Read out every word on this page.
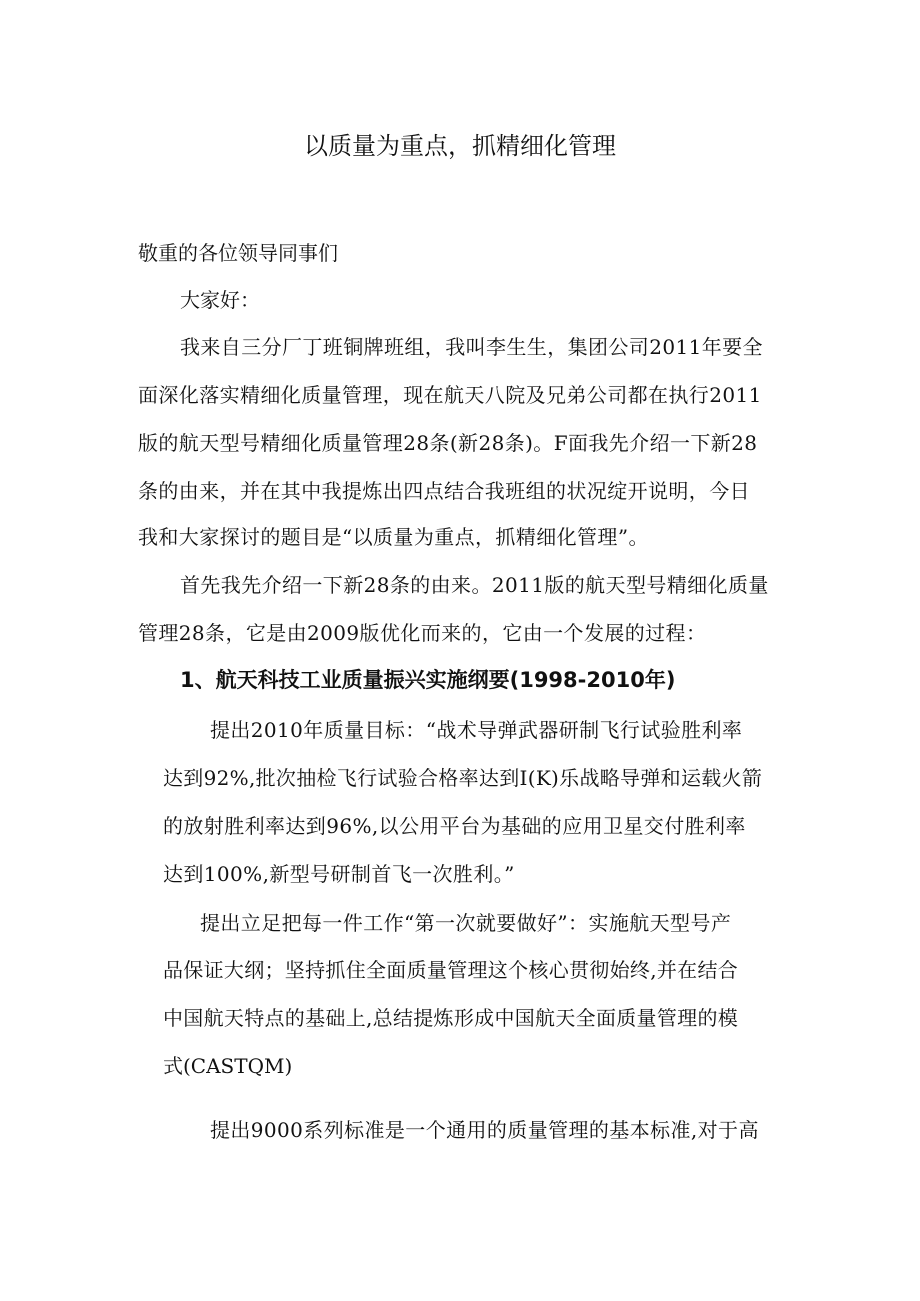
以质量为重点，抓精细化管理

敬重的各位领导同事们

大家好：

我来自三分厂丁班铜牌班组，我叫李生生，集团公司2011年要全

面深化落实精细化质量管理，现在航天八院及兄弟公司都在执行2011

版的航天型号精细化质量管理28条(新28条)。F面我先介绍一下新28

条的由来，并在其中我提炼出四点结合我班组的状况绽开说明，今日

我和大家探讨的题目是“以质量为重点，抓精细化管理”。

首先我先介绍一下新28条的由来。2011版的航天型号精细化质量

管理28条，它是由2009版优化而来的，它由一个发展的过程：

1、航天科技工业质量振兴实施纲要(1998-2010年)

提出2010年质量目标：“战术导弹武器研制飞行试验胜利率

达到92%,批次抽检飞行试验合格率达到I(K)乐战略导弹和运载火箭

的放射胜利率达到96%,以公用平台为基础的应用卫星交付胜利率

达到100%,新型号研制首飞一次胜利。”

提出立足把每一件工作“第一次就要做好”：实施航天型号产

品保证大纲；坚持抓住全面质量管理这个核心贯彻始终,并在结合

中国航天特点的基础上,总结提炼形成中国航天全面质量管理的模

式(CASTQM)

提出9000系列标准是一个通用的质量管理的基本标准,对于高
